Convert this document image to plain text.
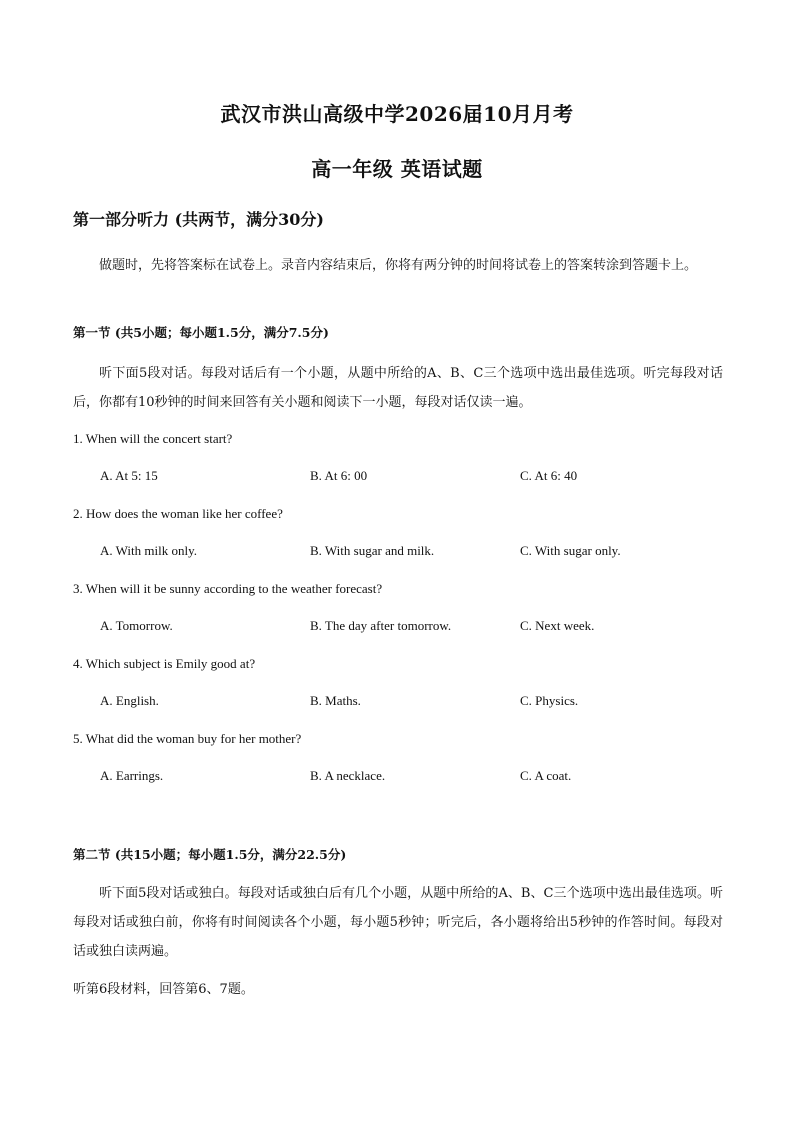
武汉市洪山高级中学2026届10月月考
高一年级 英语试题
第一部分听力 (共两节，满分30分)
做题时，先将答案标在试卷上。录音内容结束后，你将有两分钟的时间将试卷上的答案转涂到答题卡上。
第一节 (共5小题；每小题1.5分，满分7.5分)
听下面5段对话。每段对话后有一个小题，从题中所给的A、B、C三个选项中选出最佳选项。听完每段对话后，你都有10秒钟的时间来回答有关小题和阅读下一小题，每段对话仅读一遍。
1. When will the concert start?
A. At 5: 15	B. At 6: 00	C. At 6: 40
2. How does the woman like her coffee?
A. With milk only.	B. With sugar and milk.	C. With sugar only.
3. When will it be sunny according to the weather forecast?
A. Tomorrow.	B. The day after tomorrow.	C. Next week.
4. Which subject is Emily good at?
A. English.	B. Maths.	C. Physics.
5. What did the woman buy for her mother?
A. Earrings.	B. A necklace.	C. A coat.
第二节 (共15小题；每小题1.5分，满分22.5分)
听下面5段对话或独白。每段对话或独白后有几个小题，从题中所给的A、B、C三个选项中选出最佳选项。听每段对话或独白前，你将有时间阅读各个小题，每小题5秒钟；听完后，各小题将给出5秒钟的作答时间。每段对话或独白读两遍。
听第6段材料，回答第6、7题。
